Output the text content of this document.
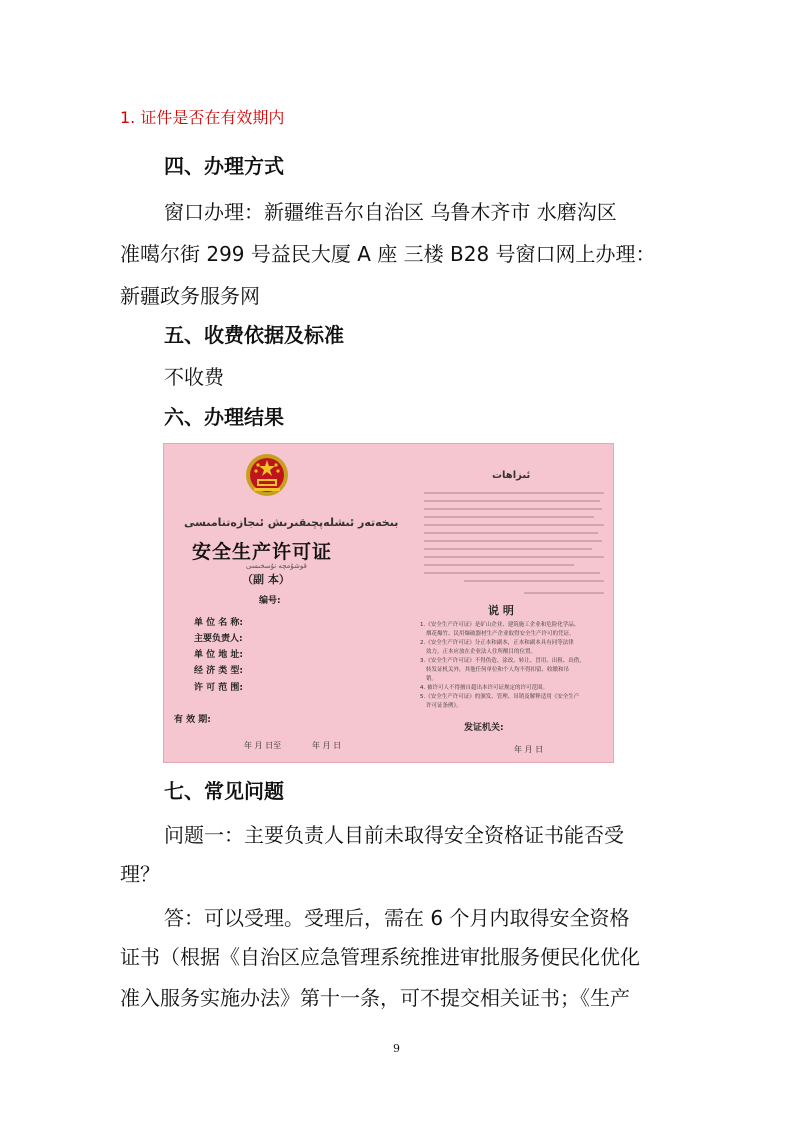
1. 证件是否在有效期内
四、办理方式
窗口办理：新疆维吾尔自治区 乌鲁木齐市 水磨沟区
准噶尔街 299 号益民大厦 A 座 三楼 B28 号窗口网上办理：
新疆政务服务网
五、收费依据及标准
不收费
六、办理结果
بىخەتەر ئىشلەپچىقىرىش ئىجازەتنامىسى
安全生产许可证
قوشۇمچە نۇسخىسى
（副 本）
编号:
单 位 名 称:
主要负责人:
单 位 地 址:
经 济 类 型:
许 可 范 围:
有 效 期:
年 月 日至	年 月 日
ئىزاھات
说 明
1.《安全生产许可证》是矿山企业、建筑施工企业和危险化学品、
烟花爆竹、民用爆破器材生产企业取得安全生产许可的凭证。
2.《安全生产许可证》分正本和副本，正本和副本具有同等法律
效力。正本应放在企业法人住所醒目的位置。
3.《安全生产许可证》不得伪造、涂改、转让、冒用、出租、出借，
转发证机关外，其他任何单位和个人均不得扣留、收缴和吊
销。
4. 被许可人不得擅自超出本许可证规定的许可范围。
5.《安全生产许可证》的颁发、管理、吊销及解释适用《安全生产
许可证条例》。
发证机关:
年 月 日
七、常见问题
问题一：主要负责人目前未取得安全资格证书能否受
理？
答：可以受理。受理后，需在 6 个月内取得安全资格
证书（根据《自治区应急管理系统推进审批服务便民化优化
准入服务实施办法》第十一条，可不提交相关证书；《生产
9
